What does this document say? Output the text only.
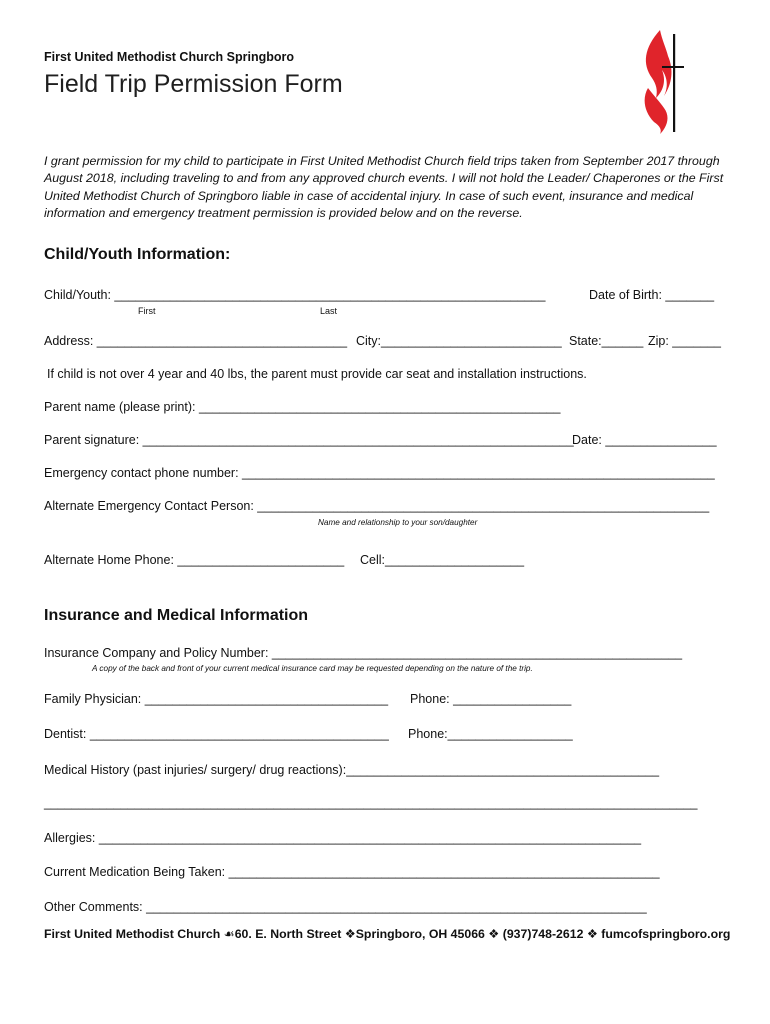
First United Methodist Church Springboro
Field Trip Permission Form
I grant permission for my child to participate in First United Methodist Church field trips taken from September 2017 through August 2018, including traveling to and from any approved church events. I will not hold the Leader/ Chaperones or the First United Methodist Church of Springboro liable in case of accidental injury. In case of such event, insurance and medical information and emergency treatment permission is provided below and on the reverse.
Child/Youth Information:
Child/Youth: ______________________________________________________________
First	Last
Date of Birth: _______
Address: ____________________________________ City:__________________________ State:______ Zip: _______
If child is not over 4 year and 40 lbs, the parent must provide car seat and installation instructions.
Parent name (please print): ____________________________________________________
Parent signature: ______________________________________________________________
Date: ________________
Emergency contact phone number: ____________________________________________________________________
Alternate Emergency Contact Person: _________________________________________________________________
Name and relationship to your son/daughter
Alternate Home Phone: ________________________ Cell:____________________
Insurance and Medical Information
Insurance Company and Policy Number: ___________________________________________________________
A copy of the back and front of your current medical insurance card may be requested depending on the nature of the trip.
Family Physician: ___________________________________ Phone: _________________
Dentist: ___________________________________________ Phone:__________________
Medical History (past injuries/ surgery/ drug reactions):_____________________________________________
______________________________________________________________________________________________
Allergies: ______________________________________________________________________________
Current Medication Being Taken: ______________________________________________________________
Other Comments: ________________________________________________________________________
First United Methodist Church ☙60. E. North Street ❖Springboro, OH 45066 ❖ (937)748-2612 ❖ fumcofspringboro.org
